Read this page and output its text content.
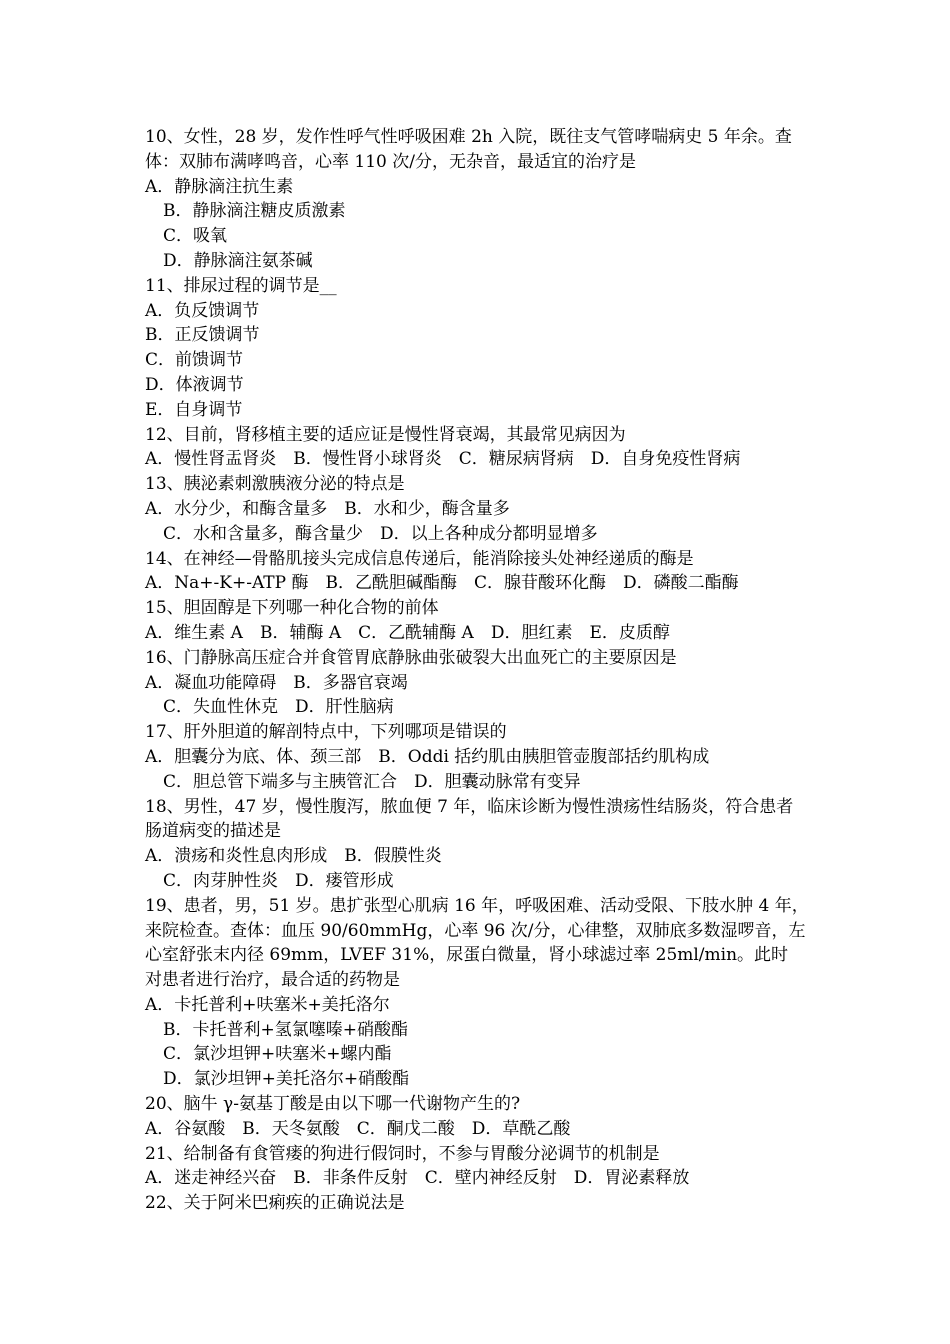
10、女性，28 岁，发作性呼气性呼吸困难 2h 入院，既往支气管哮喘病史 5 年余。查
体：双肺布满哮鸣音，心率 110 次/分，无杂音，最适宜的治疗是
A．静脉滴注抗生素
B．静脉滴注糖皮质激素
C．吸氧
D．静脉滴注氨茶碱
11、排尿过程的调节是__
A．负反馈调节
B．正反馈调节
C．前馈调节
D．体液调节
E．自身调节
12、目前，肾移植主要的适应证是慢性肾衰竭，其最常见病因为
A．慢性肾盂肾炎　B．慢性肾小球肾炎　C．糖尿病肾病　D．自身免疫性肾病
13、胰泌素刺激胰液分泌的特点是
A．水分少，和酶含量多　B．水和少，酶含量多
C．水和含量多，酶含量少　D．以上各种成分都明显增多
14、在神经—骨骼肌接头完成信息传递后，能消除接头处神经递质的酶是
A．Na+-K+-ATP 酶　B．乙酰胆碱酯酶　C．腺苷酸环化酶　D．磷酸二酯酶
15、胆固醇是下列哪一种化合物的前体
A．维生素 A　B．辅酶 A　C．乙酰辅酶 A　D．胆红素　E．皮质醇
16、门静脉高压症合并食管胃底静脉曲张破裂大出血死亡的主要原因是
A．凝血功能障碍　B．多器官衰竭
C．失血性休克　D．肝性脑病
17、肝外胆道的解剖特点中，下列哪项是错误的
A．胆囊分为底、体、颈三部　B．Oddi 括约肌由胰胆管壶腹部括约肌构成
C．胆总管下端多与主胰管汇合　D．胆囊动脉常有变异
18、男性，47 岁，慢性腹泻，脓血便 7 年，临床诊断为慢性溃疡性结肠炎，符合患者
肠道病变的描述是
A．溃疡和炎性息肉形成　B．假膜性炎
C．肉芽肿性炎　D．瘘管形成
19、患者，男，51 岁。患扩张型心肌病 16 年，呼吸困难、活动受限、下肢水肿 4 年，
来院检查。查体：血压 90/60mmHg，心率 96 次/分，心律整，双肺底多数湿啰音，左
心室舒张末内径 69mm，LVEF 31%，尿蛋白微量，肾小球滤过率 25ml/min。此时
对患者进行治疗，最合适的药物是
A．卡托普利+呋塞米+美托洛尔
B．卡托普利+氢氯噻嗪+硝酸酯
C．氯沙坦钾+呋塞米+螺内酯
D．氯沙坦钾+美托洛尔+硝酸酯
20、脑牛 γ-氨基丁酸是由以下哪一代谢物产生的?
A．谷氨酸　B．天冬氨酸　C．酮戊二酸　D．草酰乙酸
21、给制备有食管瘘的狗进行假饲时，不参与胃酸分泌调节的机制是
A．迷走神经兴奋　B．非条件反射　C．壁内神经反射　D．胃泌素释放
22、关于阿米巴痢疾的正确说法是
